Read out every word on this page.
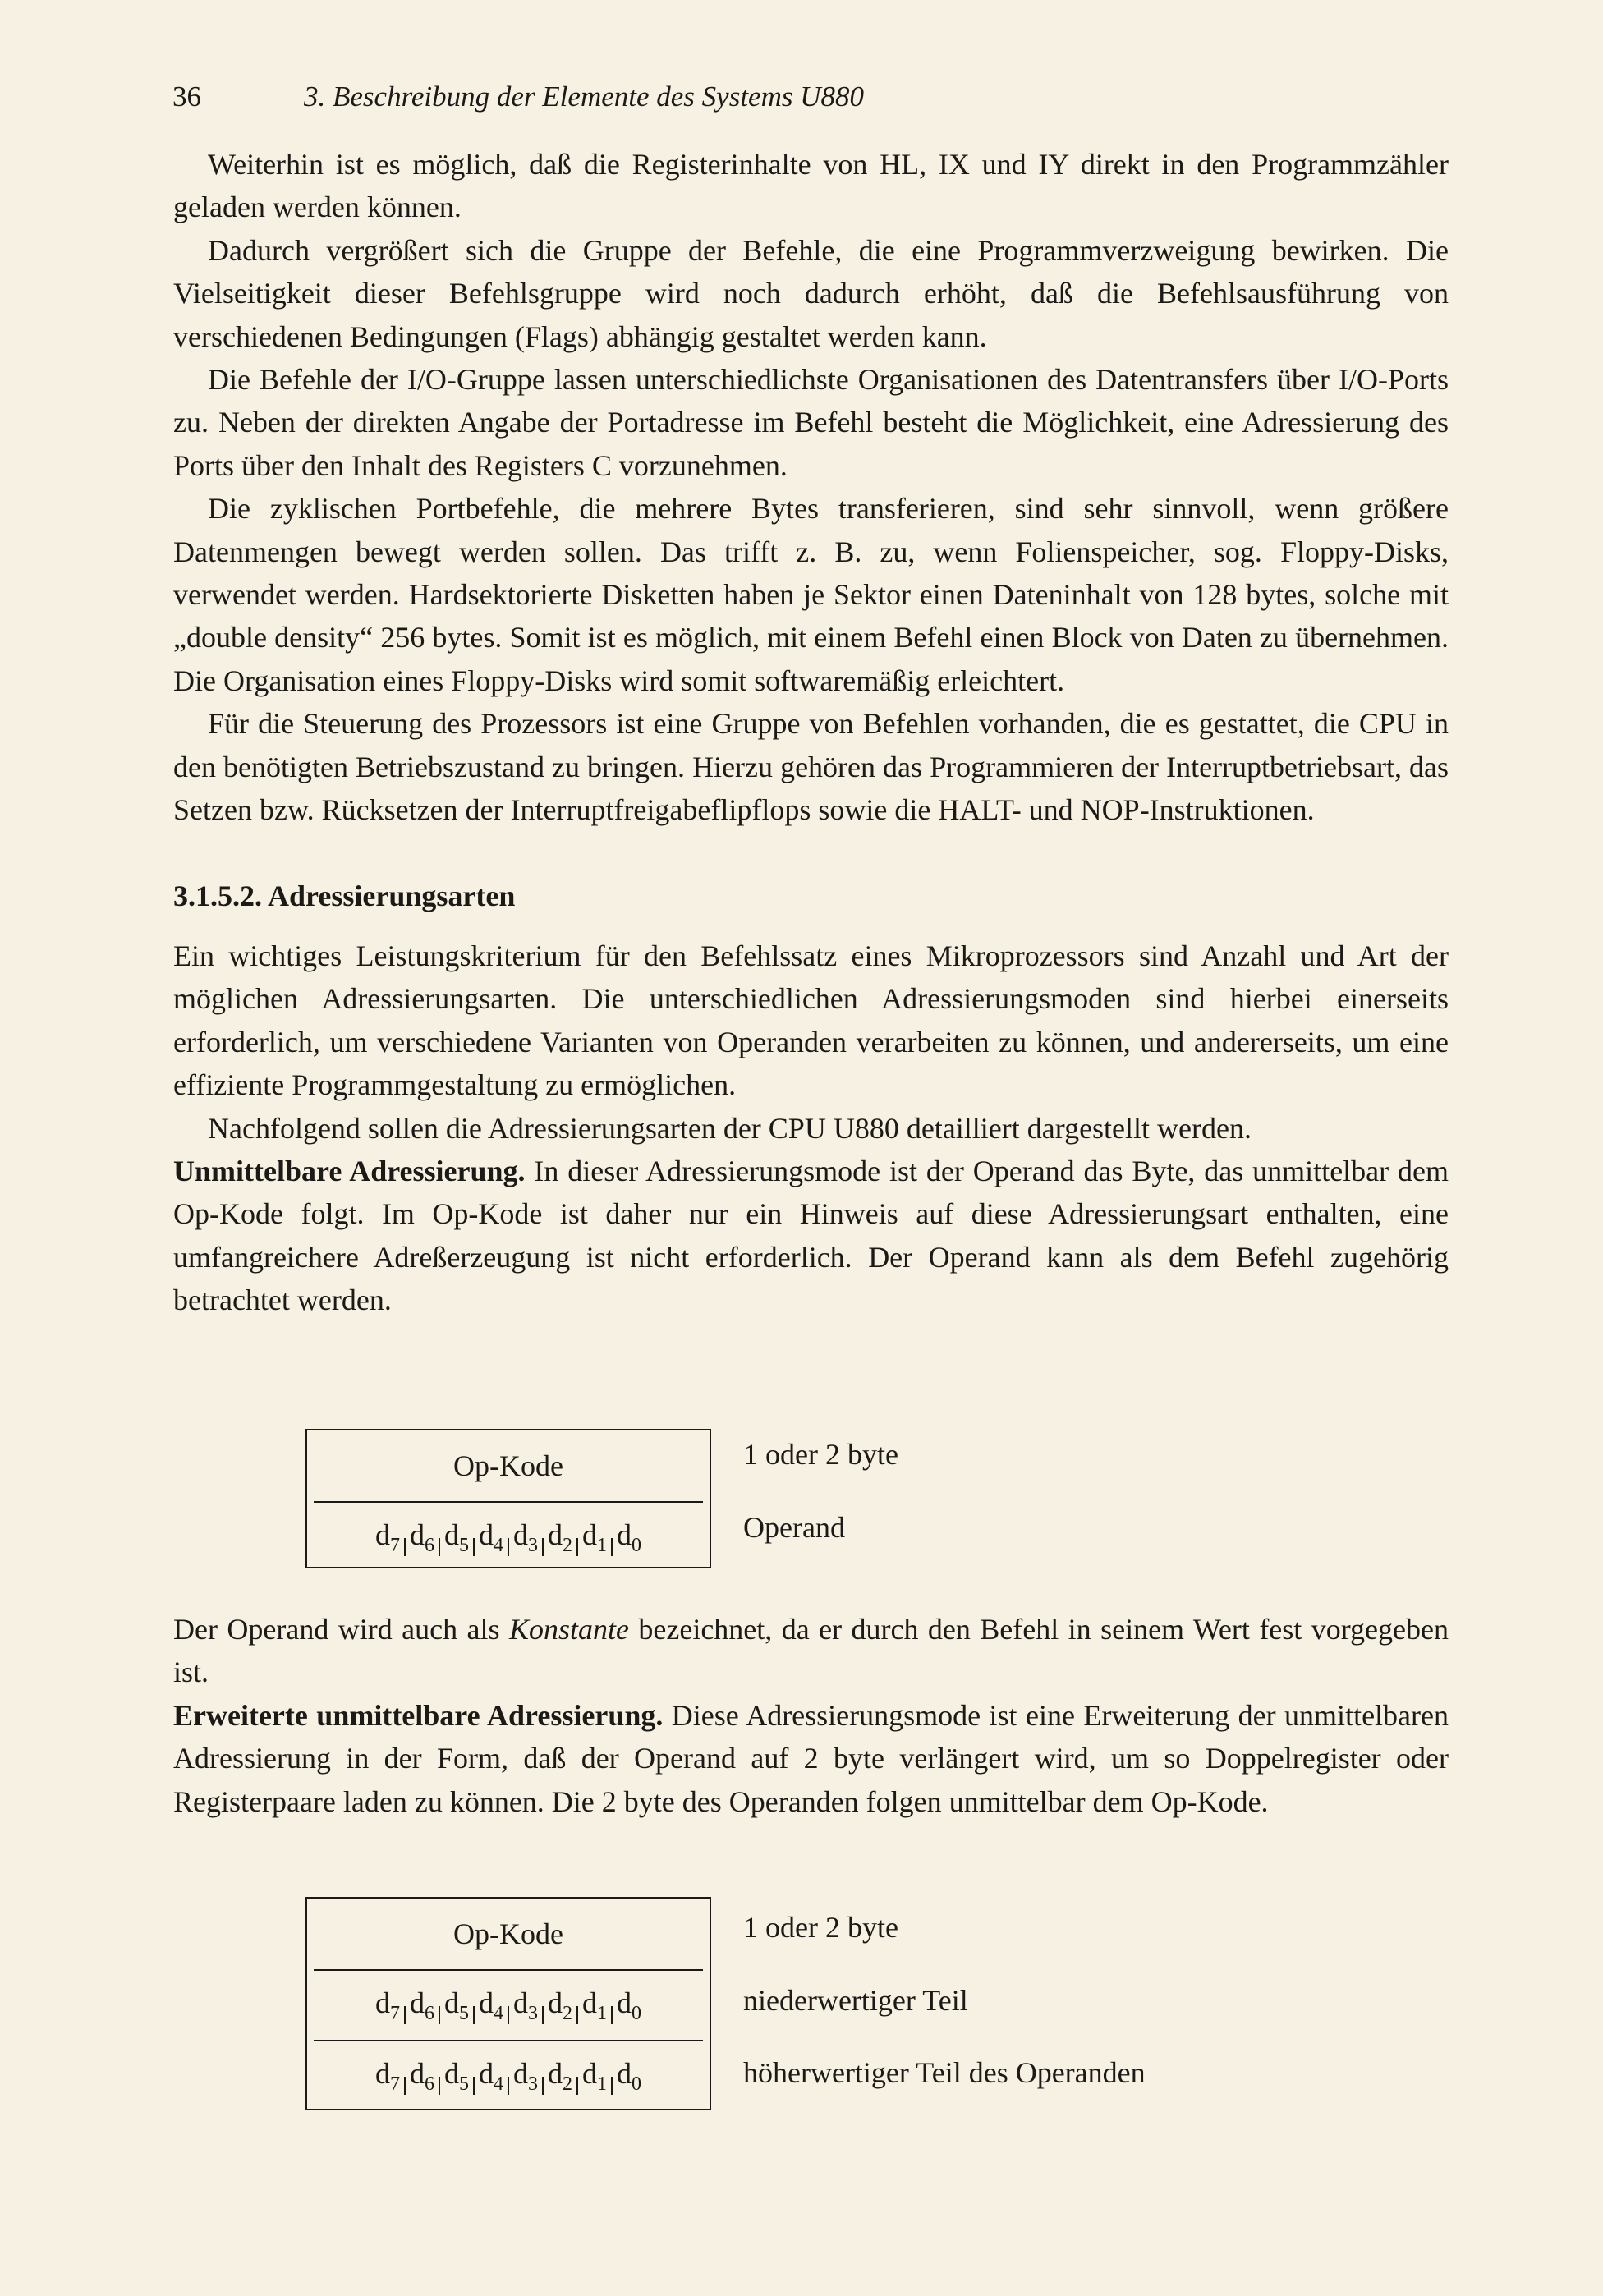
36	3. Beschreibung der Elemente des Systems U880

Weiterhin ist es möglich, daß die Registerinhalte von HL, IX und IY direkt in den Programmzähler geladen werden können.

Dadurch vergrößert sich die Gruppe der Befehle, die eine Programmverzweigung bewirken. Die Vielseitigkeit dieser Befehlsgruppe wird noch dadurch erhöht, daß die Befehlsausführung von verschiedenen Bedingungen (Flags) abhängig gestaltet werden kann.

Die Befehle der I/O-Gruppe lassen unterschiedlichste Organisationen des Datentransfers über I/O-Ports zu. Neben der direkten Angabe der Portadresse im Befehl besteht die Möglichkeit, eine Adressierung des Ports über den Inhalt des Registers C vorzunehmen.

Die zyklischen Portbefehle, die mehrere Bytes transferieren, sind sehr sinnvoll, wenn größere Datenmengen bewegt werden sollen. Das trifft z. B. zu, wenn Folienspeicher, sog. Floppy-Disks, verwendet werden. Hardsektorierte Disketten haben je Sektor einen Dateninhalt von 128 bytes, solche mit „double density“ 256 bytes. Somit ist es möglich, mit einem Befehl einen Block von Daten zu übernehmen. Die Organisation eines Floppy-Disks wird somit softwaremäßig erleichtert.

Für die Steuerung des Prozessors ist eine Gruppe von Befehlen vorhanden, die es gestattet, die CPU in den benötigten Betriebszustand zu bringen. Hierzu gehören das Programmieren der Interruptbetriebsart, das Setzen bzw. Rücksetzen der Interruptfreigabeflipflops sowie die HALT- und NOP-Instruktionen.

3.1.5.2. Adressierungsarten

Ein wichtiges Leistungskriterium für den Befehlssatz eines Mikroprozessors sind Anzahl und Art der möglichen Adressierungsarten. Die unterschiedlichen Adressierungsmoden sind hierbei einerseits erforderlich, um verschiedene Varianten von Operanden verarbeiten zu können, und andererseits, um eine effiziente Programmgestaltung zu ermöglichen.

Nachfolgend sollen die Adressierungsarten der CPU U880 detailliert dargestellt werden.

Unmittelbare Adressierung. In dieser Adressierungsmode ist der Operand das Byte, das unmittelbar dem Op-Kode folgt. Im Op-Kode ist daher nur ein Hinweis auf diese Adressierungsart enthalten, eine umfangreichere Adreßerzeugung ist nicht erforderlich. Der Operand kann als dem Befehl zugehörig betrachtet werden.

Op-Kode
$d_7$ $d_6$ $d_5$ $d_4$ $d_3$ $d_2$ $d_1$ $d_0$
1 oder 2 byte
Operand

Der Operand wird auch als Konstante bezeichnet, da er durch den Befehl in seinem Wert fest vorgegeben ist.

Erweiterte unmittelbare Adressierung. Diese Adressierungsmode ist eine Erweiterung der unmittelbaren Adressierung in der Form, daß der Operand auf 2 byte verlängert wird, um so Doppelregister oder Registerpaare laden zu können. Die 2 byte des Operanden folgen unmittelbar dem Op-Kode.

Op-Kode
$d_7$ $d_6$ $d_5$ $d_4$ $d_3$ $d_2$ $d_1$ $d_0$
$d_7$ $d_6$ $d_5$ $d_4$ $d_3$ $d_2$ $d_1$ $d_0$
1 oder 2 byte
niederwertiger Teil
höherwertiger Teil des Operanden
